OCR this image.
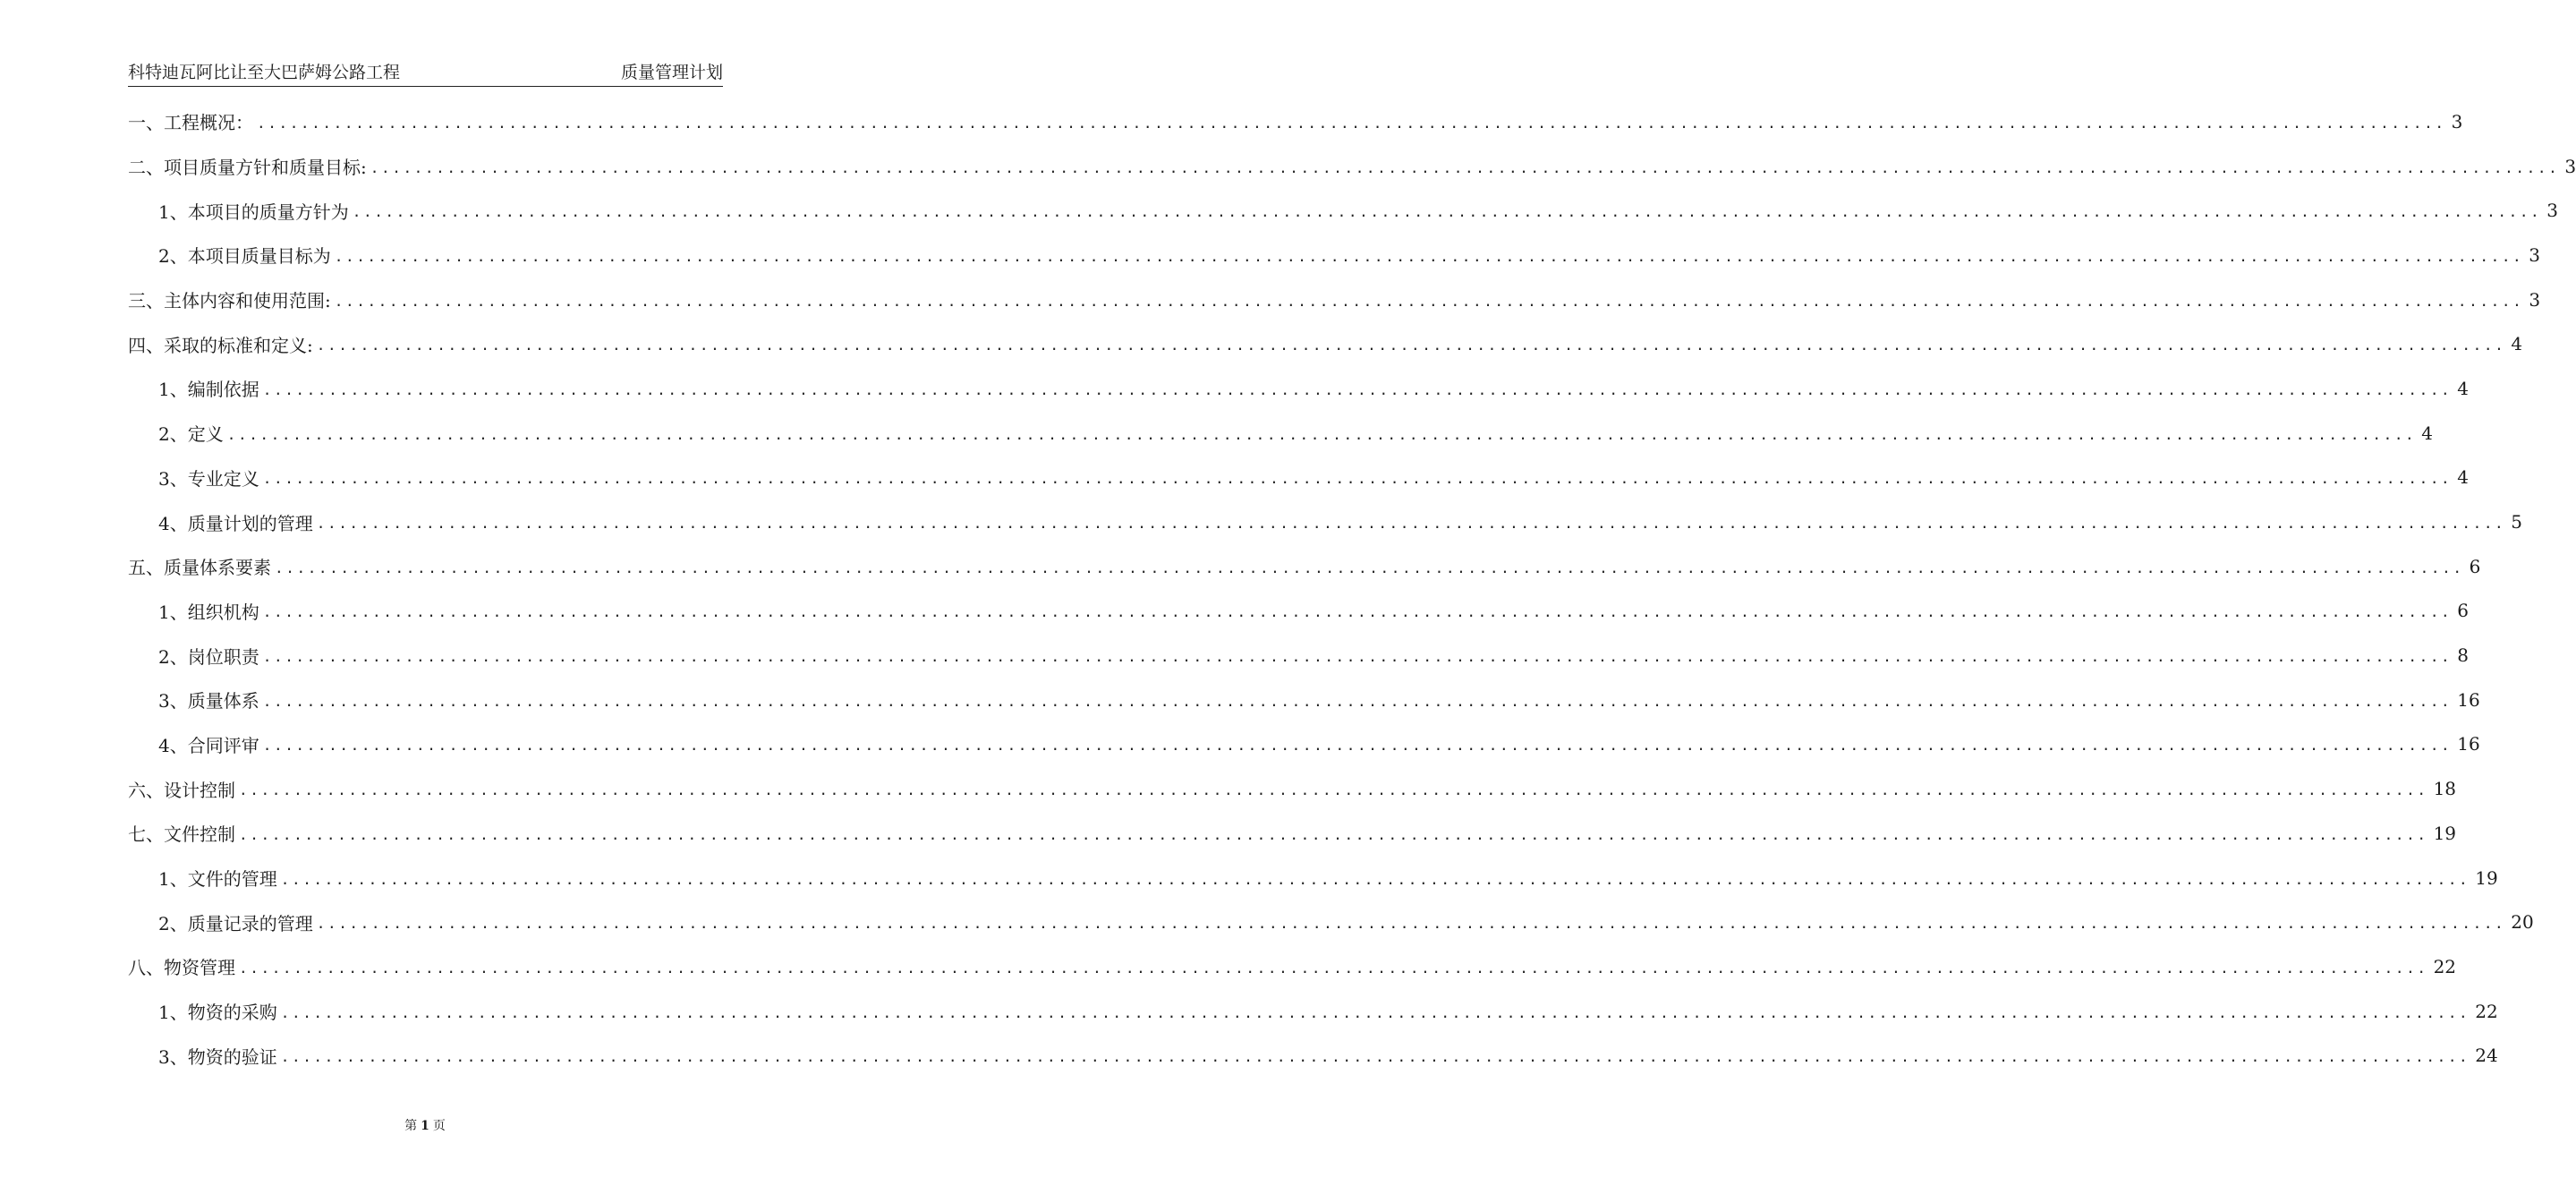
科特迪瓦阿比让至大巴萨姆公路工程	质量管理计划
一、工程概况： ........................................................................................................................................................................................................ 3
二、项目质量方针和质量目标: ........................................................................................................................................................................................................ 3
1、本项目的质量方针为 ........................................................................................................................................................................................................ 3
2、本项目质量目标为 ........................................................................................................................................................................................................ 3
三、主体内容和使用范围: ........................................................................................................................................................................................................ 3
四、采取的标准和定义: ........................................................................................................................................................................................................ 4
1、编制依据 ........................................................................................................................................................................................................ 4
2、定义 ........................................................................................................................................................................................................ 4
3、专业定义 ........................................................................................................................................................................................................ 4
4、质量计划的管理 ........................................................................................................................................................................................................ 5
五、质量体系要素 ........................................................................................................................................................................................................ 6
1、组织机构 ........................................................................................................................................................................................................ 6
2、岗位职责 ........................................................................................................................................................................................................ 8
3、质量体系 ........................................................................................................................................................................................................ 16
4、合同评审 ........................................................................................................................................................................................................ 16
六、设计控制 ........................................................................................................................................................................................................ 18
七、文件控制 ........................................................................................................................................................................................................ 19
1、文件的管理 ........................................................................................................................................................................................................ 19
2、质量记录的管理 ........................................................................................................................................................................................................ 20
八、物资管理 ........................................................................................................................................................................................................ 22
1、物资的采购 ........................................................................................................................................................................................................ 22
3、物资的验证 ........................................................................................................................................................................................................ 24
第 1 页
